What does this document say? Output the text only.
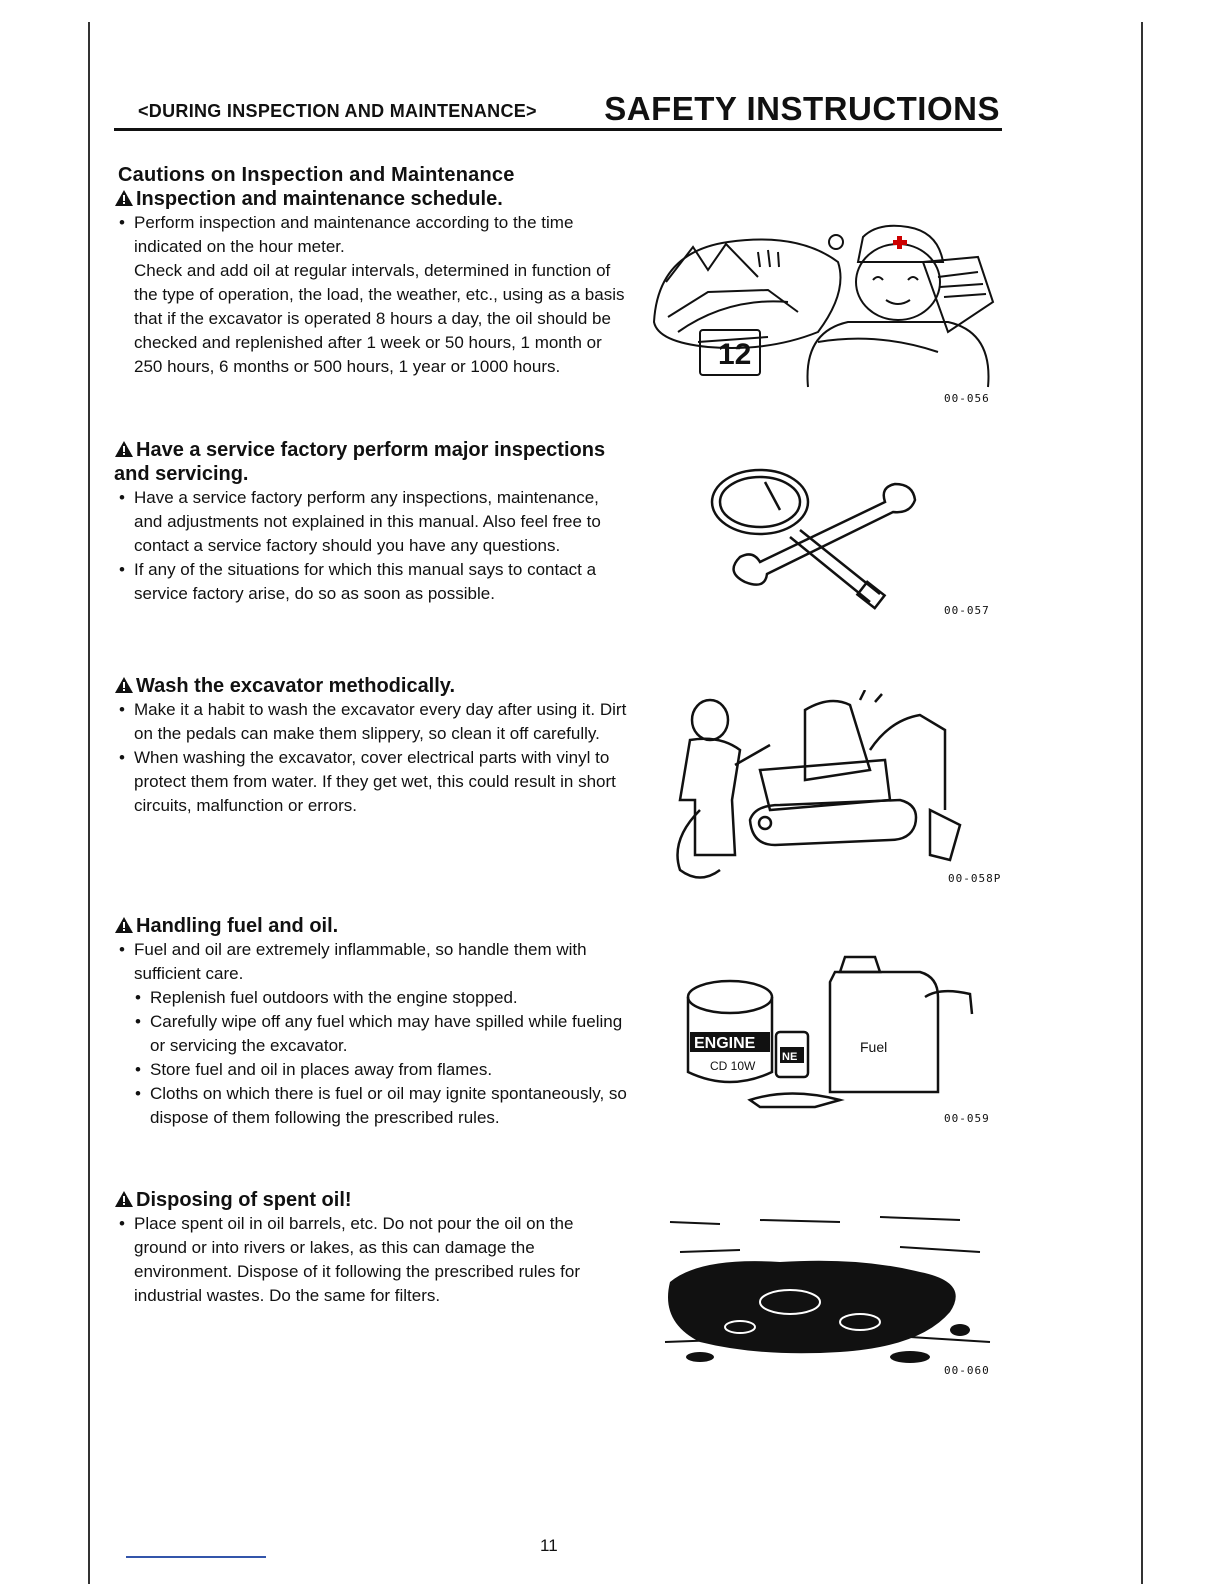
<DURING INSPECTION AND MAINTENANCE> SAFETY INSTRUCTIONS
Cautions on Inspection and Maintenance
Inspection and maintenance schedule.
• Perform inspection and maintenance according to the time indicated on the hour meter.
Check and add oil at regular intervals, determined in function of the type of operation, the load, the weather, etc., using as a basis that if the excavator is operated 8 hours a day, the oil should be checked and replenished after 1 week or 50 hours, 1 month or 250 hours, 6 months or 500 hours, 1 year or 1000 hours.	12
00-056
Have a service factory perform major inspections and servicing.
• Have a service factory perform any inspections, maintenance, and adjustments not explained in this manual. Also feel free to contact a service factory should you have any questions.
• If any of the situations for which this manual says to contact a service factory arise, do so as soon as possible.
00-057
Wash the excavator methodically.
• Make it a habit to wash the excavator every day after using it. Dirt on the pedals can make them slippery, so clean it off carefully.
• When washing the excavator, cover electrical parts with vinyl to protect them from water. If they get wet, this could result in short circuits, malfunction or errors.
00-058P
Handling fuel and oil.
• Fuel and oil are extremely inflammable, so handle them with sufficient care.
• Replenish fuel outdoors with the engine stopped.
• Carefully wipe off any fuel which may have spilled while fueling or servicing the excavator.
• Store fuel and oil in places away from flames.
• Cloths on which there is fuel or oil may ignite spontaneously, so dispose of them following the prescribed rules.
ENGINE
CD 10W
NE
Fuel
00-059
Disposing of spent oil!
• Place spent oil in oil barrels, etc. Do not pour the oil on the ground or into rivers or lakes, as this can damage the environment. Dispose of it following the prescribed rules for industrial wastes. Do the same for filters.
00-060
11
